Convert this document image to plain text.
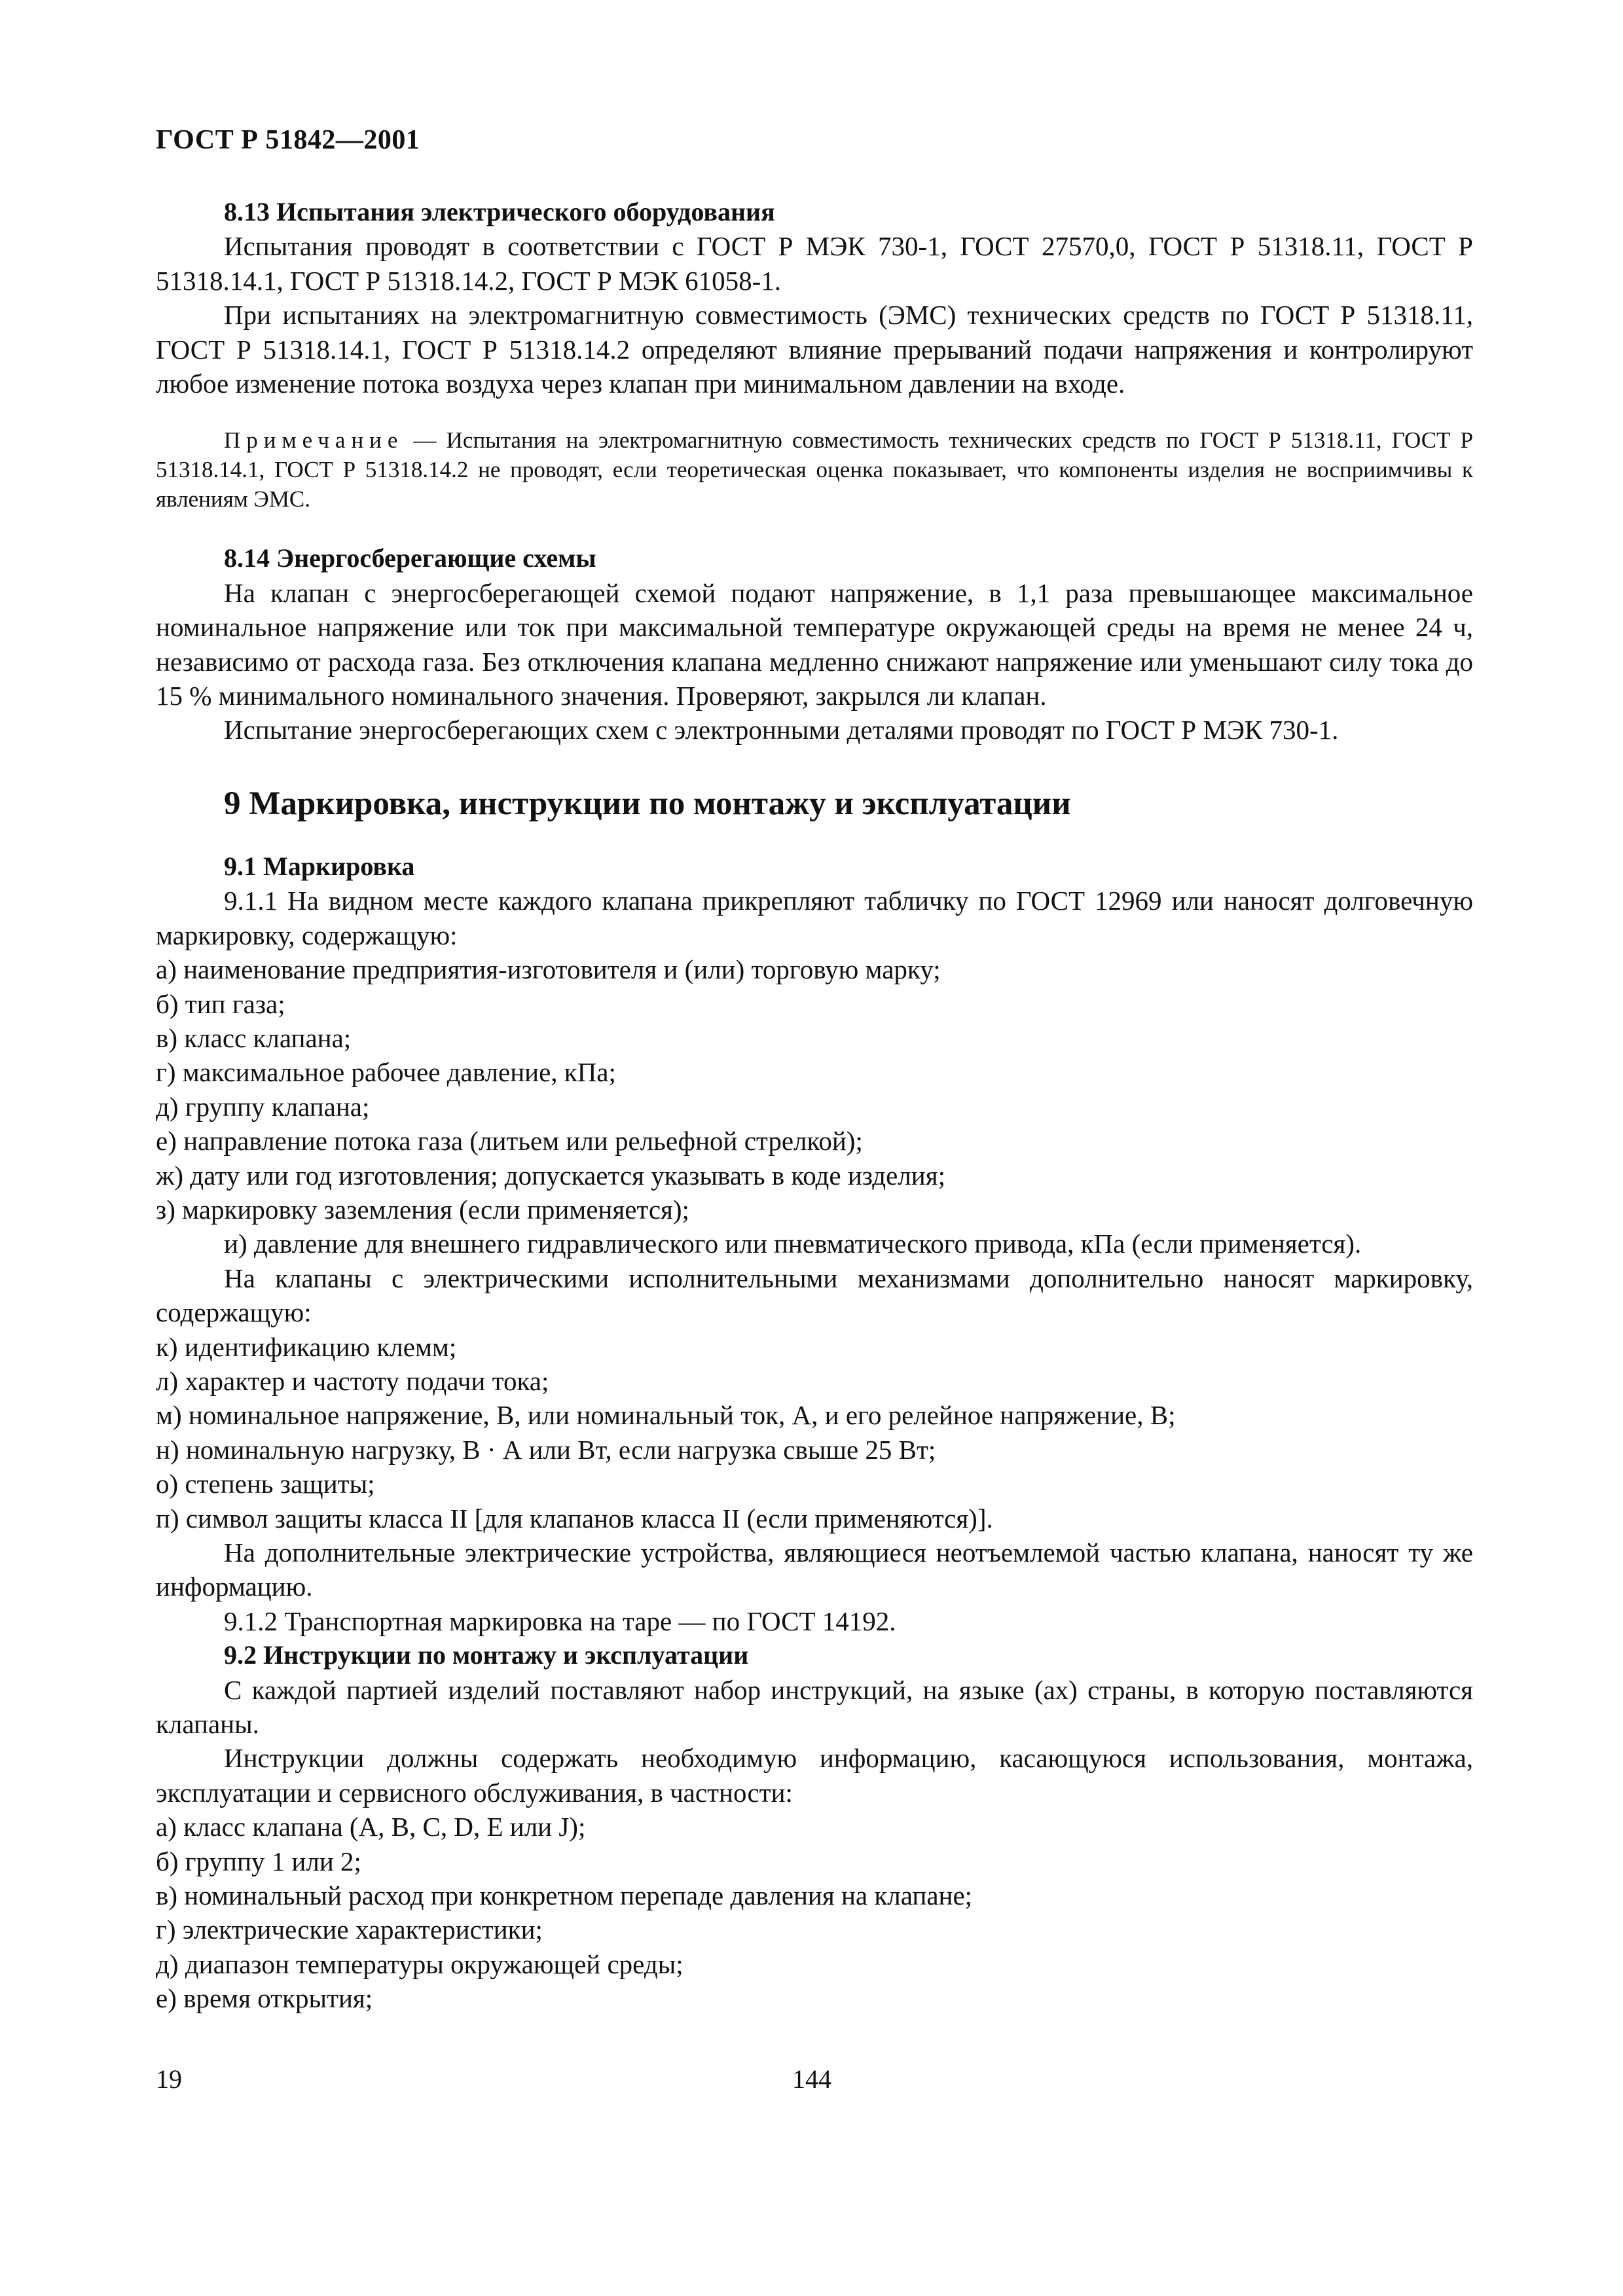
ГОСТ Р 51842—2001

8.13 Испытания электрического оборудования

Испытания проводят в соответствии с ГОСТ Р МЭК 730-1, ГОСТ 27570,0, ГОСТ Р 51318.11, ГОСТ Р 51318.14.1, ГОСТ Р 51318.14.2, ГОСТ Р МЭК 61058-1.

При испытаниях на электромагнитную совместимость (ЭМС) технических средств по ГОСТ Р 51318.11, ГОСТ Р 51318.14.1, ГОСТ Р 51318.14.2 определяют влияние прерываний подачи напряжения и контролируют любое изменение потока воздуха через клапан при минимальном давлении на входе.

Примечание — Испытания на электромагнитную совместимость технических средств по ГОСТ Р 51318.11, ГОСТ Р 51318.14.1, ГОСТ Р 51318.14.2 не проводят, если теоретическая оценка показывает, что компоненты изделия не восприимчивы к явлениям ЭМС.

8.14 Энергосберегающие схемы

На клапан с энергосберегающей схемой подают напряжение, в 1,1 раза превышающее максимальное номинальное напряжение или ток при максимальной температуре окружающей среды на время не менее 24 ч, независимо от расхода газа. Без отключения клапана медленно снижают напряжение или уменьшают силу тока до 15 % минимального номинального значения. Проверяют, закрылся ли клапан.

Испытание энергосберегающих схем с электронными деталями проводят по ГОСТ Р МЭК 730-1.

9 Маркировка, инструкции по монтажу и эксплуатации

9.1 Маркировка

9.1.1 На видном месте каждого клапана прикрепляют табличку по ГОСТ 12969 или наносят долговечную маркировку, содержащую:

а) наименование предприятия-изготовителя и (или) торговую марку;

б) тип газа;

в) класс клапана;

г) максимальное рабочее давление, кПа;

д) группу клапана;

е) направление потока газа (литьем или рельефной стрелкой);

ж) дату или год изготовления; допускается указывать в коде изделия;

з) маркировку заземления (если применяется);

и) давление для внешнего гидравлического или пневматического привода, кПа (если применяется).

На клапаны с электрическими исполнительными механизмами дополнительно наносят маркировку, содержащую:

к) идентификацию клемм;

л) характер и частоту подачи тока;

м) номинальное напряжение, В, или номинальный ток, А, и его релейное напряжение, В;

н) номинальную нагрузку, В · А или Вт, если нагрузка свыше 25 Вт;

о) степень защиты;

п) символ защиты класса II [для клапанов класса II (если применяются)].

На дополнительные электрические устройства, являющиеся неотъемлемой частью клапана, наносят ту же информацию.

9.1.2 Транспортная маркировка на таре — по ГОСТ 14192.

9.2 Инструкции по монтажу и эксплуатации

С каждой партией изделий поставляют набор инструкций, на языке (ах) страны, в которую поставляются клапаны.

Инструкции должны содержать необходимую информацию, касающуюся использования, монтажа, эксплуатации и сервисного обслуживания, в частности:

а) класс клапана (А, В, С, D, Е или J);

б) группу 1 или 2;

в) номинальный расход при конкретном перепаде давления на клапане;

г) электрические характеристики;

д) диапазон температуры окружающей среды;

е) время открытия;

19	144
